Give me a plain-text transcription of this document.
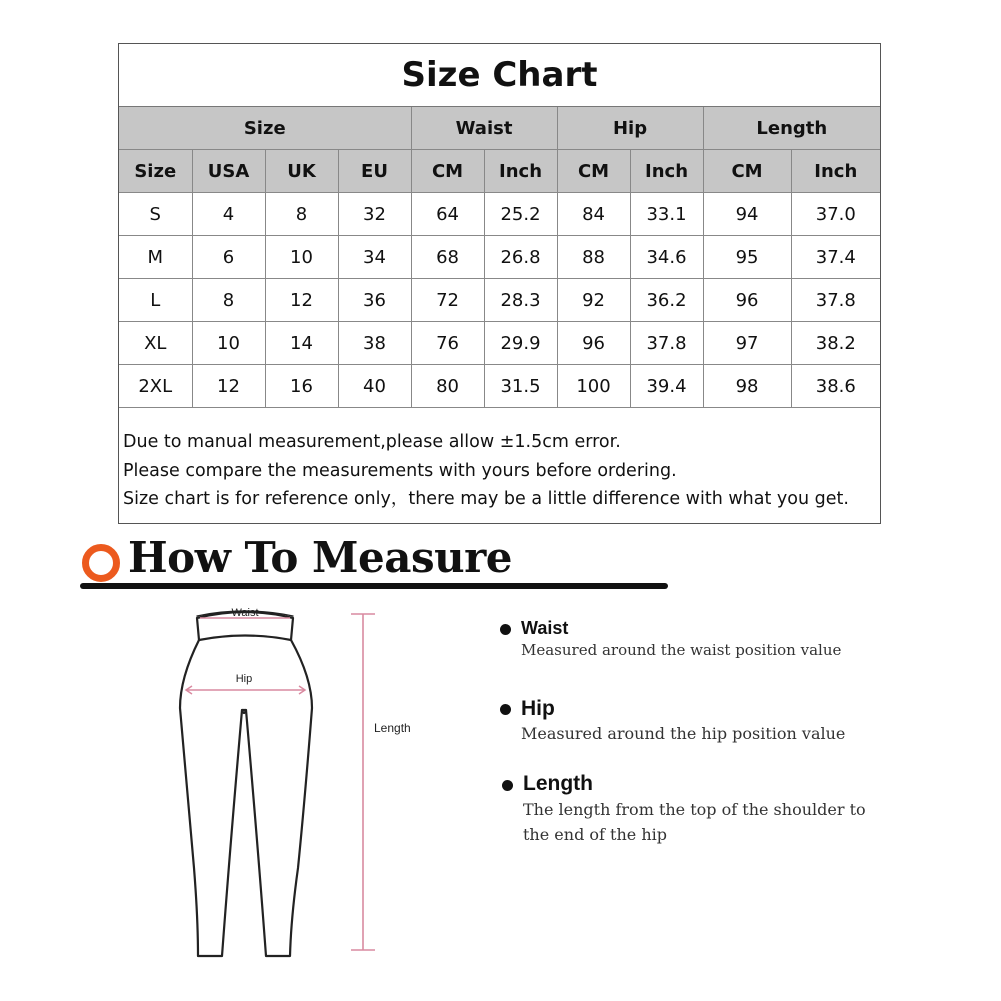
Size Chart
Size				Waist		Hip		Length	
Size	USA	UK	EU	CM	Inch	CM	Inch	CM	Inch
S	4	8	32	64	25.2	84	33.1	94	37.0
M	6	10	34	68	26.8	88	34.6	95	37.4
L	8	12	36	72	28.3	92	36.2	96	37.8
XL	10	14	38	76	29.9	96	37.8	97	38.2
2XL	12	16	40	80	31.5	100	39.4	98	38.6
Due to manual measurement,please allow ±1.5cm error.
Please compare the measurements with yours before ordering.
Size chart is for reference only，there may be a little difference with what you get.
How To Measure
Waist
Hip
Length
Waist
Measured around the waist position value
Hip
Measured around the hip position value
Length
The length from the top of the shoulder to
the end of the hip
